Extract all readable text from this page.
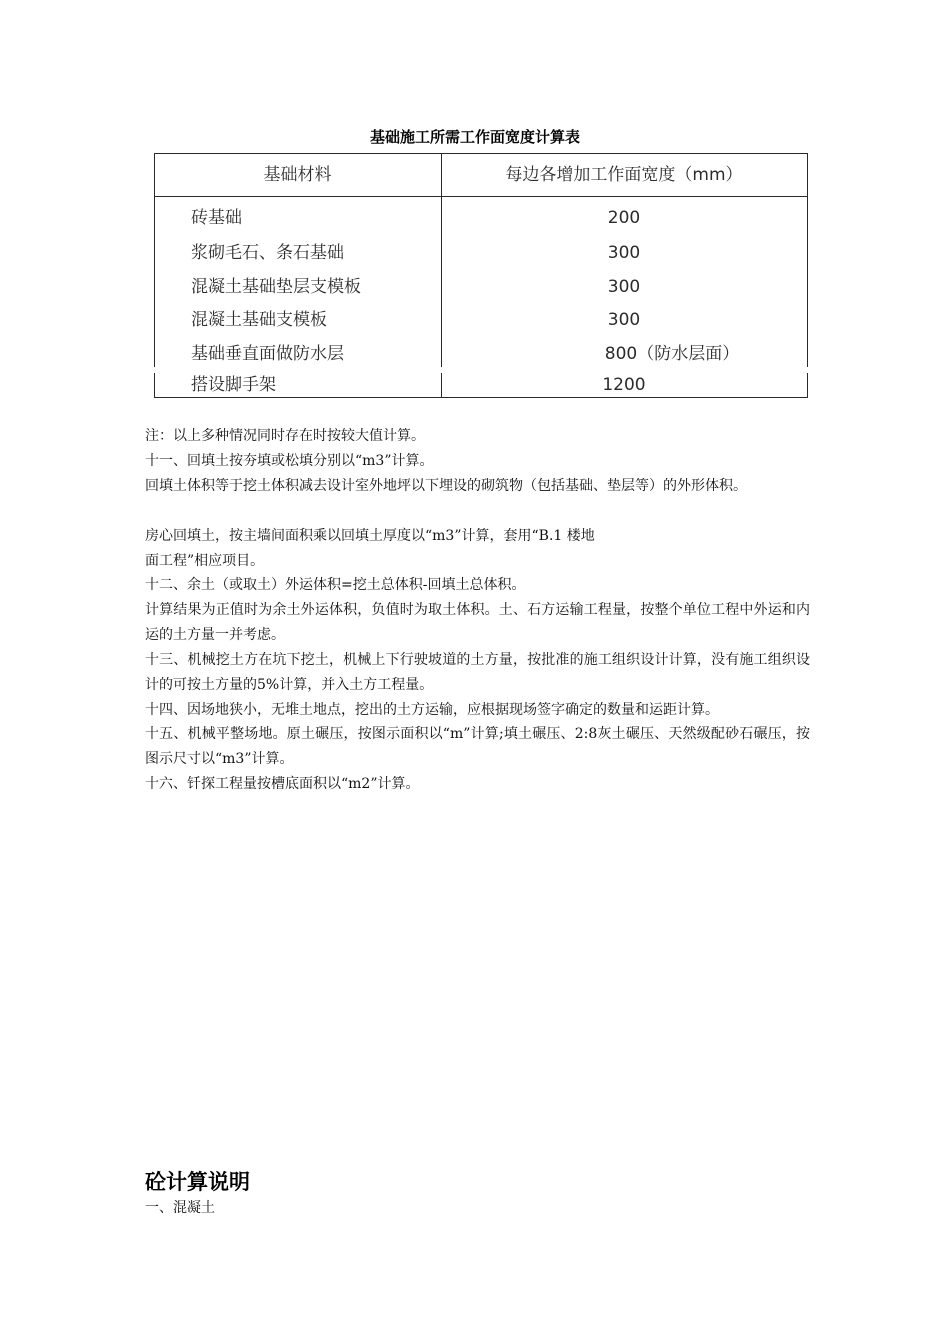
基础施工所需工作面宽度计算表
基础材料	每边各增加工作面宽度（mm）
砖基础	200
浆砌毛石、条石基础	300
混凝土基础垫层支模板	300
混凝土基础支模板	300
基础垂直面做防水层	800（防水层面）
搭设脚手架	1200
注：以上多种情况同时存在时按较大值计算。
十一、回填土按夯填或松填分别以“m3”计算。
回填土体积等于挖土体积减去设计室外地坪以下埋设的砌筑物（包括基础、垫层等）的外形体积。
房心回填土，按主墙间面积乘以回填土厚度以“m3”计算，套用“B.1 楼地
面工程”相应项目。
十二、余土（或取土）外运体积=挖土总体积-回填土总体积。
计算结果为正值时为余土外运体积，负值时为取土体积。土、石方运输工程量，按整个单位工程中外运和内运的土方量一并考虑。
十三、机械挖土方在坑下挖土，机械上下行驶坡道的土方量，按批准的施工组织设计计算，没有施工组织设计的可按土方量的5%计算，并入土方工程量。
十四、因场地狭小，无堆土地点，挖出的土方运输，应根据现场签字确定的数量和运距计算。
十五、机械平整场地。原土碾压，按图示面积以“m”计算;填土碾压、2:8灰土碾压、天然级配砂石碾压，按图示尺寸以“m3”计算。
十六、钎探工程量按槽底面积以“m2”计算。
砼计算说明
一、混凝土
